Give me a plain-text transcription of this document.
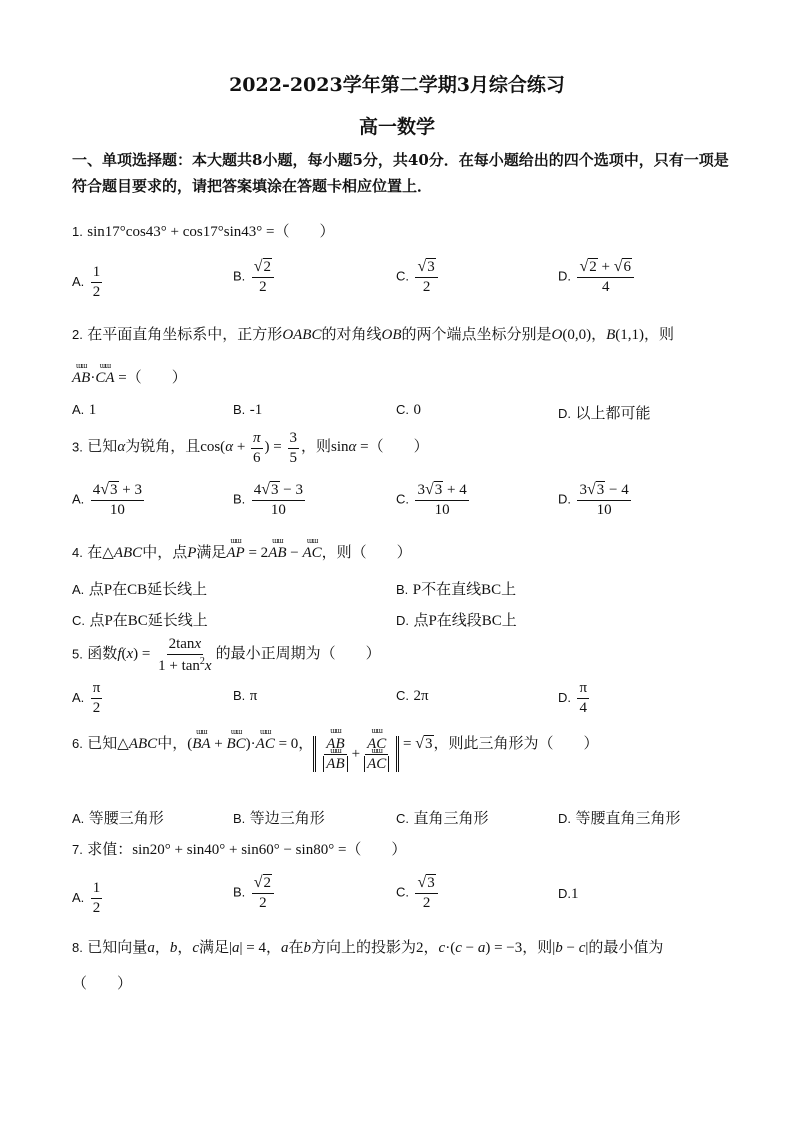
2022-2023学年第二学期3月综合练习
高一数学
一、单项选择题：本大题共8小题，每小题5分，共40分．在每小题给出的四个选项中，只有一项是符合题目要求的，请把答案填涂在答题卡相应位置上．
1. sin17°cos43° + cos17°sin43° =（　　）
A. $\frac{1}{2}$	B. $\frac{√2}{2}$	C. $\frac{√3}{2}$	D. $\frac{√2 + √6}{4}$
2. 在平面直角坐标系中，正方形OABC的对角线OB的两个端点坐标分别是O(0,0)，B(1,1)，则
ɯɯ AB·ɯɯ CA =（　　）
A. 1	B. -1	C. 0	D. 以上都可能
3. 已知α为锐角，且$\cos(\alpha + \frac{\pi}{6}$ ) = $\frac{3}{5}$ ，则sinα =（　　）
A. $\frac{4√3 + 3}{10}$	B. $\frac{4√3 - 3}{10}$	C. $\frac{3√3 + 4}{10}$	D. $\frac{3√3 - 4}{10}$
4. 在△ABC中，点P满足ɯɯ AP = 2ɯɯ AB − ɯɯ AC，则（　　）
A. 点P在CB延长线上	B. P不在直线BC上
C. 点P在BC延长线上	D. 点P在线段BC上
5. 函数$f(x) = \frac{2\tan x}{1 + \tan^2x}$ 的最小正周期为（　　）
A. $\frac{\pi}{2}$	B. π	C. 2π	D. $\frac{\pi}{4}$
6. 已知△ABC中，(ɯɯ BA + ɯɯ BC)·ɯɯ AC = 0， ɯɯ AB
ɯɯ AB + ɯɯ AC
ɯɯ AC = √3，则此三角形为（　　）
A. 等腰三角形	B. 等边三角形	C. 直角三角形	D. 等腰直角三角形
7. 求值：sin20° + sin40° + sin60° − sin80° =（　　）
A. $\frac{1}{2}$	B. $\frac{√2}{2}$	C. $\frac{√3}{2}$	D.1
8. 已知向量a，b，c满足|a| = 4，a在b方向上的投影为2，c·(c − a) = −3，则|b − c|的最小值为
（　　）
